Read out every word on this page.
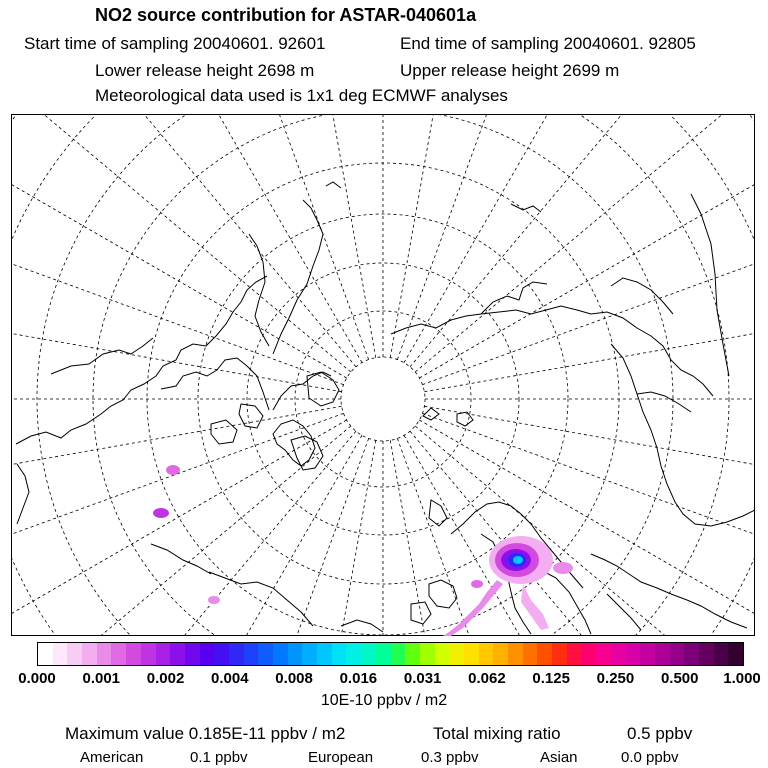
NO2 source contribution for ASTAR-040601a
Start time of sampling 20040601. 92601	End time of sampling 20040601. 92805
Lower release height 2698 m	Upper release height 2699 m
Meteorological data used is 1x1 deg ECMWF analyses
0.000 0.001 0.002 0.004 0.008 0.016 0.031 0.062 0.125 0.250 0.500 1.000
10E-10 ppbv / m2
Maximum value 0.185E-11 ppbv / m2	Total mixing ratio	0.5 ppbv
American	0.1 ppbv	European	0.3 ppbv	Asian	0.0 ppbv
